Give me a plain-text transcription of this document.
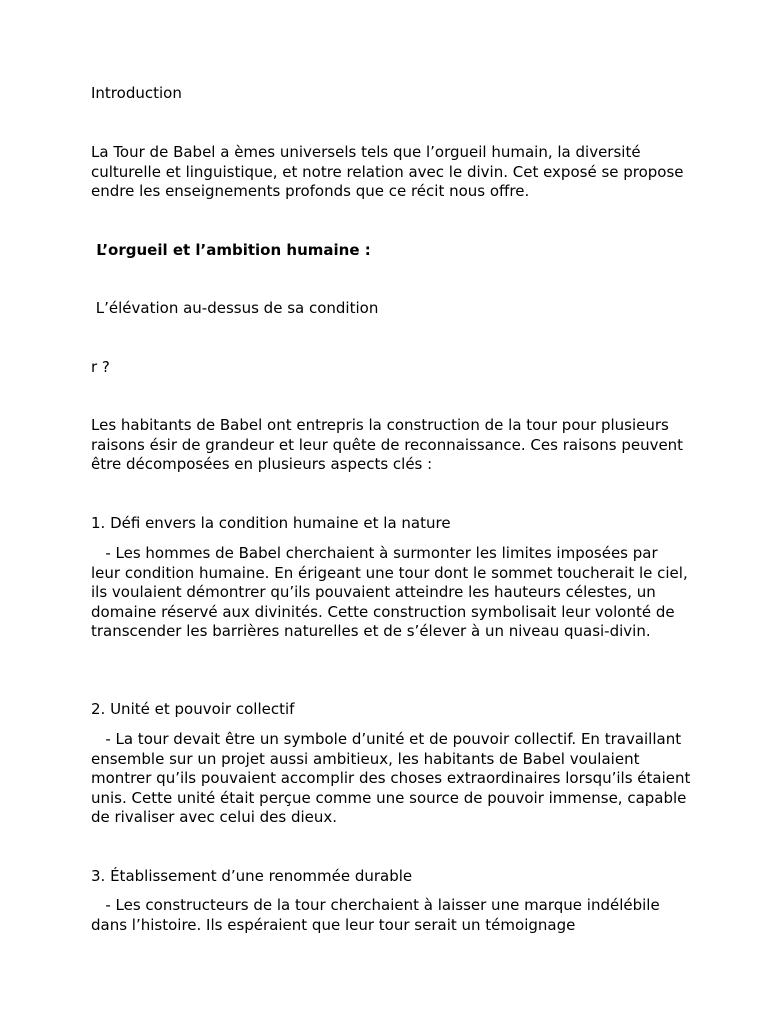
Introduction

La Tour de Babel a èmes universels tels que l’orgueil humain, la diversité culturelle et linguistique, et notre relation avec le divin. Cet exposé se propose endre les enseignements profonds que ce récit nous offre.

L’orgueil et l’ambition humaine :

L’élévation au-dessus de sa condition

r ?

Les habitants de Babel ont entrepris la construction de la tour pour plusieurs raisons ésir de grandeur et leur quête de reconnaissance. Ces raisons peuvent être décomposées en plusieurs aspects clés :

1. Défi envers la condition humaine et la nature

- Les hommes de Babel cherchaient à surmonter les limites imposées par leur condition humaine. En érigeant une tour dont le sommet toucherait le ciel, ils voulaient démontrer qu’ils pouvaient atteindre les hauteurs célestes, un domaine réservé aux divinités. Cette construction symbolisait leur volonté de transcender les barrières naturelles et de s’élever à un niveau quasi-divin.

2. Unité et pouvoir collectif

- La tour devait être un symbole d’unité et de pouvoir collectif. En travaillant ensemble sur un projet aussi ambitieux, les habitants de Babel voulaient montrer qu’ils pouvaient accomplir des choses extraordinaires lorsqu’ils étaient unis. Cette unité était perçue comme une source de pouvoir immense, capable de rivaliser avec celui des dieux.

3. Établissement d’une renommée durable

- Les constructeurs de la tour cherchaient à laisser une marque indélébile dans l’histoire. Ils espéraient que leur tour serait un témoignage
